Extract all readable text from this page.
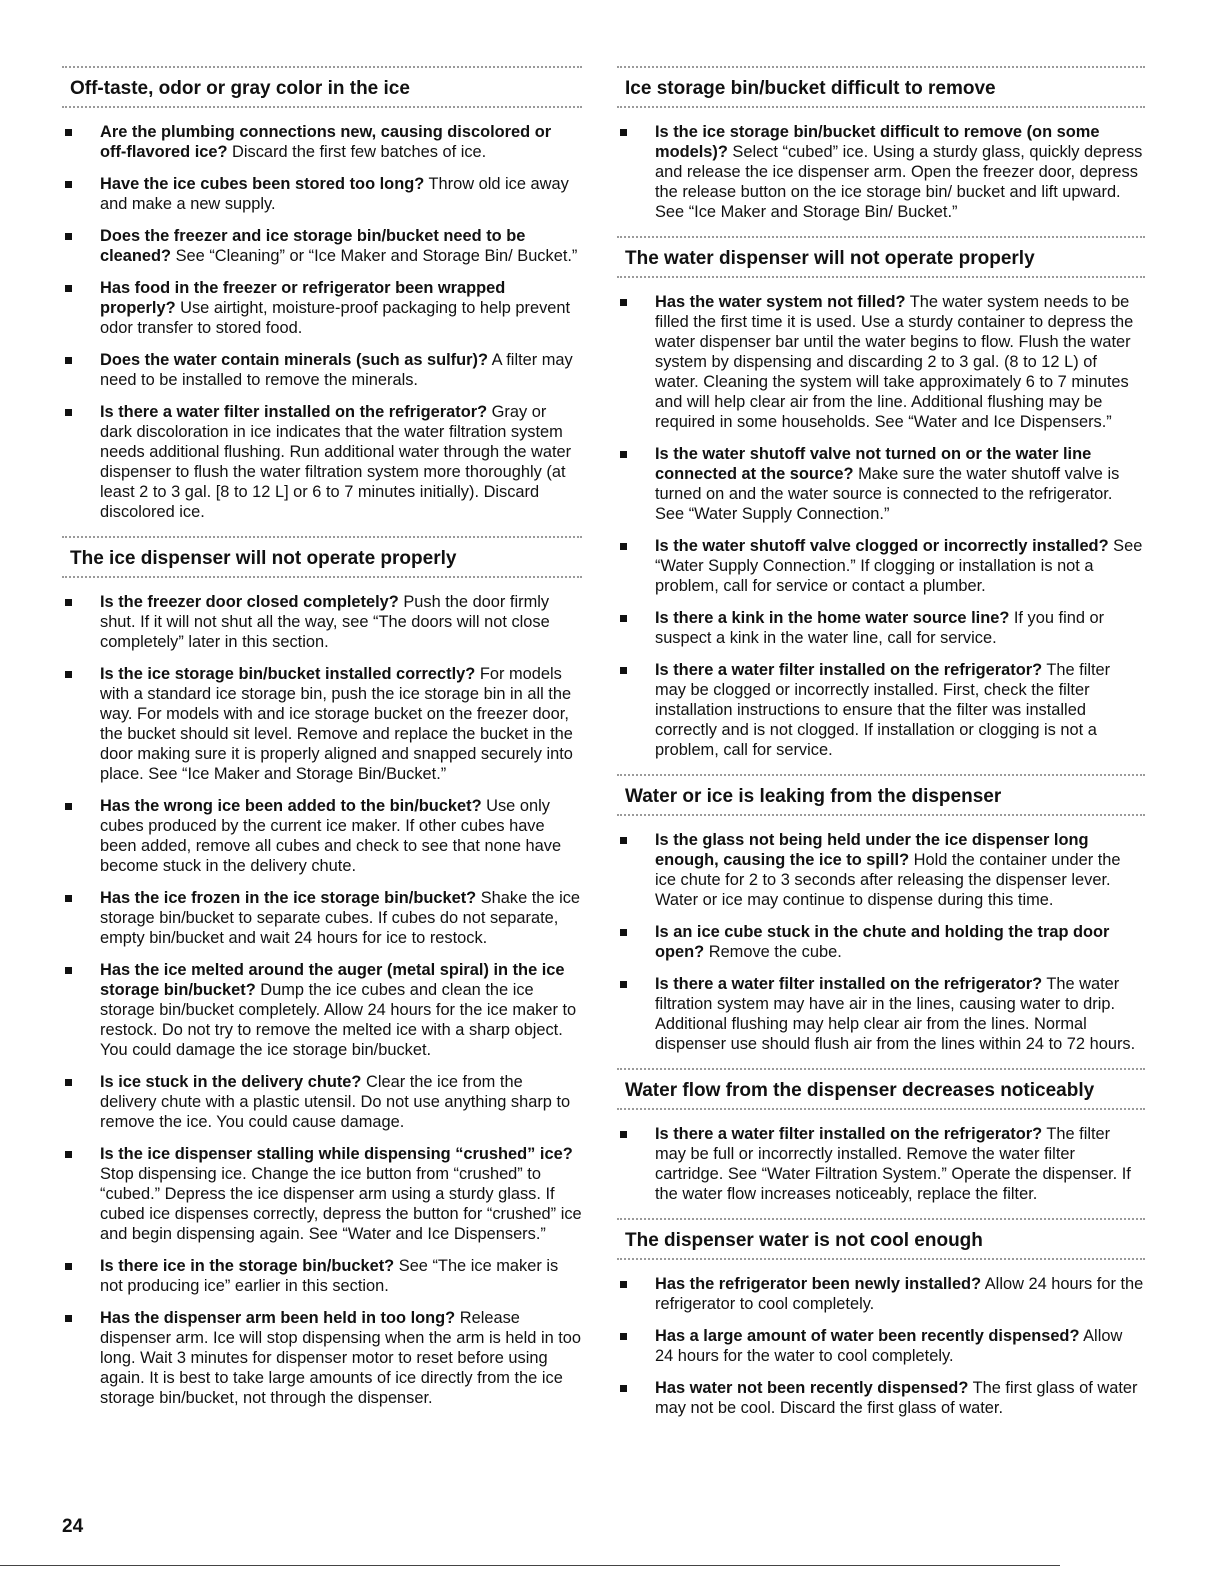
Off-taste, odor or gray color in the ice
Are the plumbing connections new, causing discolored or off-flavored ice? Discard the first few batches of ice.
Have the ice cubes been stored too long? Throw old ice away and make a new supply.
Does the freezer and ice storage bin/bucket need to be cleaned? See “Cleaning” or “Ice Maker and Storage Bin/ Bucket.”
Has food in the freezer or refrigerator been wrapped properly? Use airtight, moisture-proof packaging to help prevent odor transfer to stored food.
Does the water contain minerals (such as sulfur)? A filter may need to be installed to remove the minerals.
Is there a water filter installed on the refrigerator? Gray or dark discoloration in ice indicates that the water filtration system needs additional flushing. Run additional water through the water dispenser to flush the water filtration system more thoroughly (at least 2 to 3 gal. [8 to 12 L] or 6 to 7 minutes initially). Discard discolored ice.
The ice dispenser will not operate properly
Is the freezer door closed completely? Push the door firmly shut. If it will not shut all the way, see “The doors will not close completely” later in this section.
Is the ice storage bin/bucket installed correctly? For models with a standard ice storage bin, push the ice storage bin in all the way. For models with and ice storage bucket on the freezer door, the bucket should sit level. Remove and replace the bucket in the door making sure it is properly aligned and snapped securely into place. See “Ice Maker and Storage Bin/Bucket.”
Has the wrong ice been added to the bin/bucket? Use only cubes produced by the current ice maker. If other cubes have been added, remove all cubes and check to see that none have become stuck in the delivery chute.
Has the ice frozen in the ice storage bin/bucket? Shake the ice storage bin/bucket to separate cubes. If cubes do not separate, empty bin/bucket and wait 24 hours for ice to restock.
Has the ice melted around the auger (metal spiral) in the ice storage bin/bucket? Dump the ice cubes and clean the ice storage bin/bucket completely. Allow 24 hours for the ice maker to restock. Do not try to remove the melted ice with a sharp object. You could damage the ice storage bin/bucket.
Is ice stuck in the delivery chute? Clear the ice from the delivery chute with a plastic utensil. Do not use anything sharp to remove the ice. You could cause damage.
Is the ice dispenser stalling while dispensing “crushed” ice? Stop dispensing ice. Change the ice button from “crushed” to “cubed.” Depress the ice dispenser arm using a sturdy glass. If cubed ice dispenses correctly, depress the button for “crushed” ice and begin dispensing again. See “Water and Ice Dispensers.”
Is there ice in the storage bin/bucket? See “The ice maker is not producing ice” earlier in this section.
Has the dispenser arm been held in too long? Release dispenser arm. Ice will stop dispensing when the arm is held in too long. Wait 3 minutes for dispenser motor to reset before using again. It is best to take large amounts of ice directly from the ice storage bin/bucket, not through the dispenser.
Ice storage bin/bucket difficult to remove
Is the ice storage bin/bucket difficult to remove (on some models)? Select “cubed” ice. Using a sturdy glass, quickly depress and release the ice dispenser arm. Open the freezer door, depress the release button on the ice storage bin/ bucket and lift upward. See “Ice Maker and Storage Bin/ Bucket.”
The water dispenser will not operate properly
Has the water system not filled? The water system needs to be filled the first time it is used. Use a sturdy container to depress the water dispenser bar until the water begins to flow. Flush the water system by dispensing and discarding 2 to 3 gal. (8 to 12 L) of water. Cleaning the system will take approximately 6 to 7 minutes and will help clear air from the line. Additional flushing may be required in some households. See “Water and Ice Dispensers.”
Is the water shutoff valve not turned on or the water line connected at the source? Make sure the water shutoff valve is turned on and the water source is connected to the refrigerator. See “Water Supply Connection.”
Is the water shutoff valve clogged or incorrectly installed? See “Water Supply Connection.” If clogging or installation is not a problem, call for service or contact a plumber.
Is there a kink in the home water source line? If you find or suspect a kink in the water line, call for service.
Is there a water filter installed on the refrigerator? The filter may be clogged or incorrectly installed. First, check the filter installation instructions to ensure that the filter was installed correctly and is not clogged. If installation or clogging is not a problem, call for service.
Water or ice is leaking from the dispenser
Is the glass not being held under the ice dispenser long enough, causing the ice to spill? Hold the container under the ice chute for 2 to 3 seconds after releasing the dispenser lever. Water or ice may continue to dispense during this time.
Is an ice cube stuck in the chute and holding the trap door open? Remove the cube.
Is there a water filter installed on the refrigerator? The water filtration system may have air in the lines, causing water to drip. Additional flushing may help clear air from the lines. Normal dispenser use should flush air from the lines within 24 to 72 hours.
Water flow from the dispenser decreases noticeably
Is there a water filter installed on the refrigerator? The filter may be full or incorrectly installed. Remove the water filter cartridge. See “Water Filtration System.” Operate the dispenser. If the water flow increases noticeably, replace the filter.
The dispenser water is not cool enough
Has the refrigerator been newly installed? Allow 24 hours for the refrigerator to cool completely.
Has a large amount of water been recently dispensed? Allow 24 hours for the water to cool completely.
Has water not been recently dispensed? The first glass of water may not be cool. Discard the first glass of water.
24
